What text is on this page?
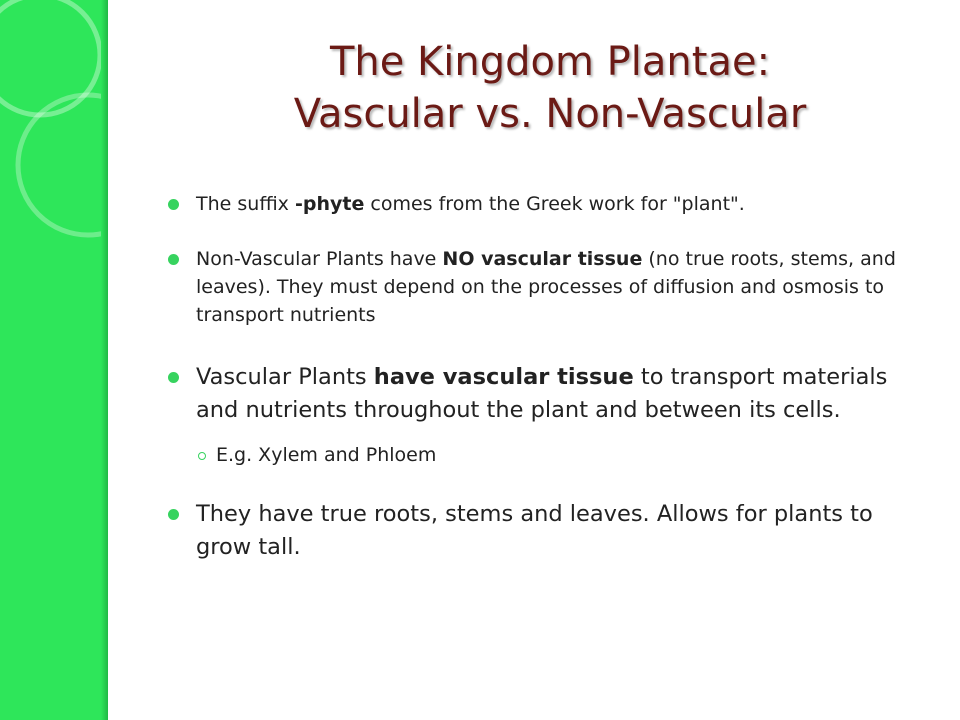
The Kingdom Plantae:
Vascular vs. Non-Vascular
The suffix -phyte comes from the Greek work for "plant".
Non-Vascular Plants have NO vascular tissue (no true roots, stems, and leaves). They must depend on the processes of diffusion and osmosis to transport nutrients
Vascular Plants have vascular tissue to transport materials and nutrients throughout the plant and between its cells.
E.g. Xylem and Phloem
They have true roots, stems and leaves. Allows for plants to grow tall.
